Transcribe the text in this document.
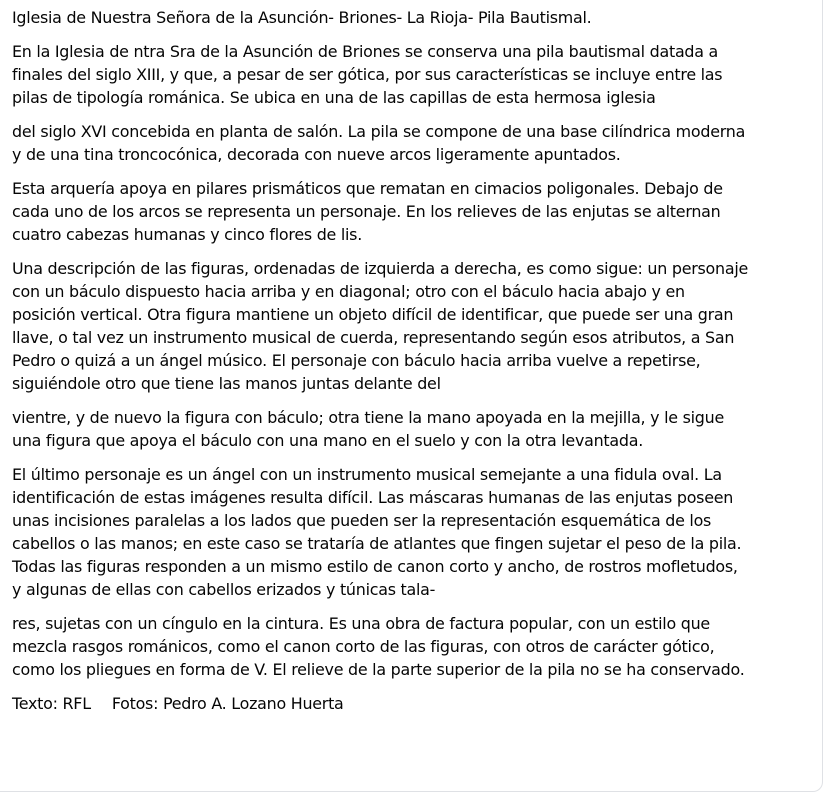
Iglesia de Nuestra Señora de la Asunción- Briones- La Rioja- Pila Bautismal.

En la Iglesia de ntra Sra de la Asunción de Briones se conserva una pila bautismal datada a
finales del siglo XIII, y que, a pesar de ser gótica, por sus características se incluye entre las
pilas de tipología románica. Se ubica en una de las capillas de esta hermosa iglesia

del siglo XVI concebida en planta de salón. La pila se compone de una base cilíndrica moderna
y de una tina troncocónica, decorada con nueve arcos ligeramente apuntados.

Esta arquería apoya en pilares prismáticos que rematan en cimacios poligonales. Debajo de
cada uno de los arcos se representa un personaje. En los relieves de las enjutas se alternan
cuatro cabezas humanas y cinco flores de lis.

Una descripción de las figuras, ordenadas de izquierda a derecha, es como sigue: un personaje
con un báculo dispuesto hacia arriba y en diagonal; otro con el báculo hacia abajo y en
posición vertical. Otra figura mantiene un objeto difícil de identificar, que puede ser una gran
llave, o tal vez un instrumento musical de cuerda, representando según esos atributos, a San
Pedro o quizá a un ángel músico. El personaje con báculo hacia arriba vuelve a repetirse,
siguiéndole otro que tiene las manos juntas delante del

vientre, y de nuevo la figura con báculo; otra tiene la mano apoyada en la mejilla, y le sigue
una figura que apoya el báculo con una mano en el suelo y con la otra levantada.

El último personaje es un ángel con un instrumento musical semejante a una fidula oval. La
identificación de estas imágenes resulta difícil. Las máscaras humanas de las enjutas poseen
unas incisiones paralelas a los lados que pueden ser la representación esquemática de los
cabellos o las manos; en este caso se trataría de atlantes que fingen sujetar el peso de la pila.
Todas las figuras responden a un mismo estilo de canon corto y ancho, de rostros mofletudos,
y algunas de ellas con cabellos erizados y túnicas tala-

res, sujetas con un cíngulo en la cintura. Es una obra de factura popular, con un estilo que
mezcla rasgos románicos, como el canon corto de las figuras, con otros de carácter gótico,
como los pliegues en forma de V. El relieve de la parte superior de la pila no se ha conservado.

Texto: RFL Fotos: Pedro A. Lozano Huerta
